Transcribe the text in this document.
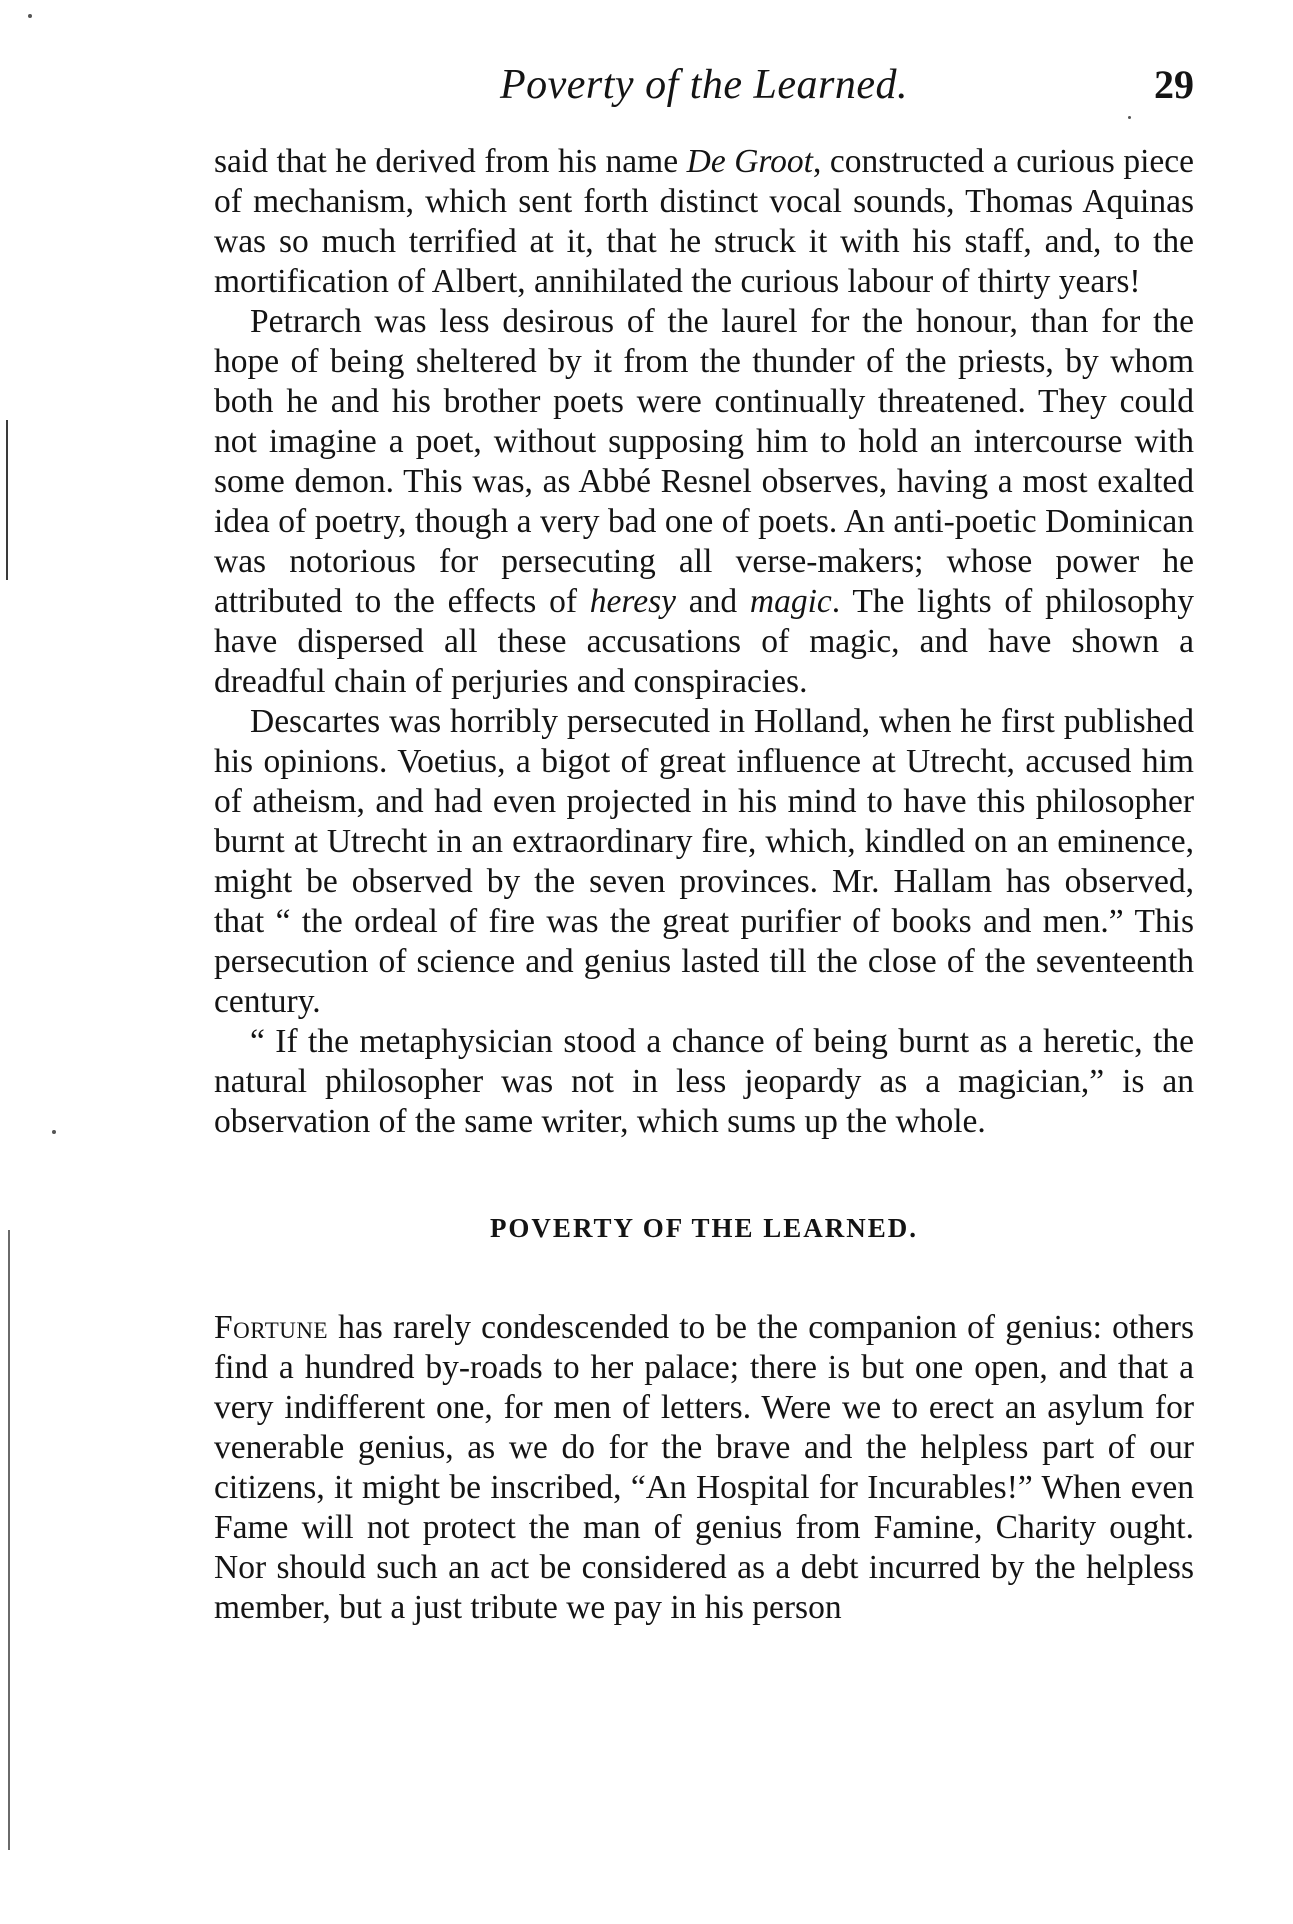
Poverty of the Learned.	29

said that he derived from his name De Groot, constructed a curious piece of mechanism, which sent forth distinct vocal sounds, Thomas Aquinas was so much terrified at it, that he struck it with his staff, and, to the mortification of Albert, annihilated the curious labour of thirty years!

Petrarch was less desirous of the laurel for the honour, than for the hope of being sheltered by it from the thunder of the priests, by whom both he and his brother poets were continually threatened. They could not imagine a poet, without supposing him to hold an intercourse with some demon. This was, as Abbé Resnel observes, having a most exalted idea of poetry, though a very bad one of poets. An anti-poetic Dominican was notorious for persecuting all verse-makers; whose power he attributed to the effects of heresy and magic. The lights of philosophy have dispersed all these accusations of magic, and have shown a dreadful chain of perjuries and conspiracies.

Descartes was horribly persecuted in Holland, when he first published his opinions. Voetius, a bigot of great influence at Utrecht, accused him of atheism, and had even projected in his mind to have this philosopher burnt at Utrecht in an extraordinary fire, which, kindled on an eminence, might be observed by the seven provinces. Mr. Hallam has observed, that “ the ordeal of fire was the great purifier of books and men.” This persecution of science and genius lasted till the close of the seventeenth century.

“ If the metaphysician stood a chance of being burnt as a heretic, the natural philosopher was not in less jeopardy as a magician,” is an observation of the same writer, which sums up the whole.

POVERTY OF THE LEARNED.

Fortune has rarely condescended to be the companion of genius: others find a hundred by-roads to her palace; there is but one open, and that a very indifferent one, for men of letters. Were we to erect an asylum for venerable genius, as we do for the brave and the helpless part of our citizens, it might be inscribed, “An Hospital for Incurables!” When even Fame will not protect the man of genius from Famine, Charity ought. Nor should such an act be considered as a debt incurred by the helpless member, but a just tribute we pay in his person
